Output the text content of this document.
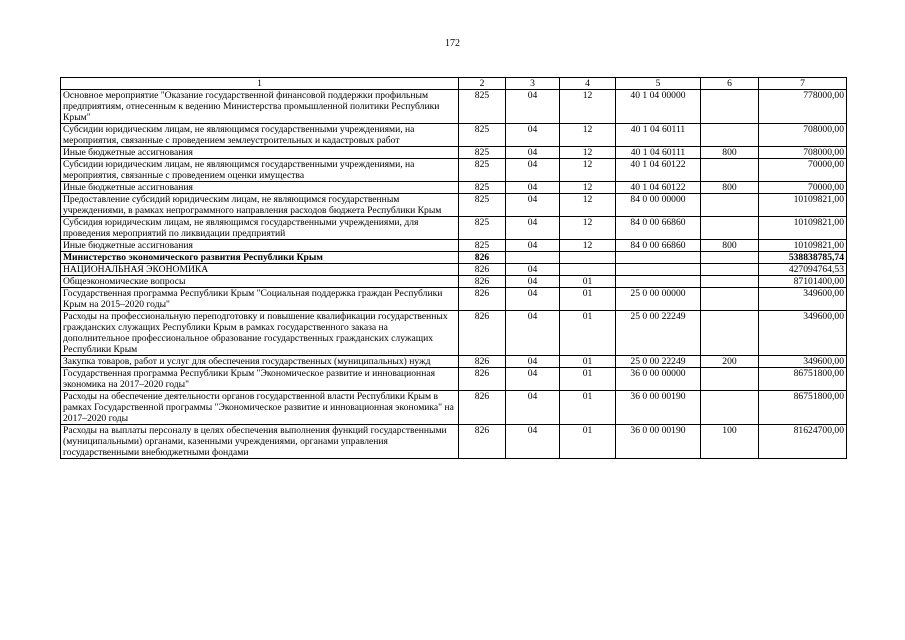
172
1	2	3	4	5	6	7
Основное мероприятие "Оказание государственной финансовой поддержки профильным предприятиям, отнесенным к ведению Министерства промышленной политики Республики Крым"	825	04	12	40 1 04 00000		778000,00
Субсидии юридическим лицам, не являющимся государственными учреждениями, на мероприятия, связанные с проведением землеустроительных и кадастровых работ	825	04	12	40 1 04 60111		708000,00
Иные бюджетные ассигнования	825	04	12	40 1 04 60111	800	708000,00
Субсидии юридическим лицам, не являющимся государственными учреждениями, на мероприятия, связанные с проведением оценки имущества	825	04	12	40 1 04 60122		70000,00
Иные бюджетные ассигнования	825	04	12	40 1 04 60122	800	70000,00
Предоставление субсидий юридическим лицам, не являющимся государственным учреждениями, в рамках непрограммного направления расходов бюджета Республики Крым	825	04	12	84 0 00 00000		10109821,00
Субсидия юридическим лицам, не являющимся государственными учреждениями, для проведения мероприятий по ликвидации предприятий	825	04	12	84 0 00 66860		10109821,00
Иные бюджетные ассигнования	825	04	12	84 0 00 66860	800	10109821,00
Министерство экономического развития Республики Крым	826					538838785,74
НАЦИОНАЛЬНАЯ ЭКОНОМИКА	826	04				427094764,53
Общеэкономические вопросы	826	04	01			87101400,00
Государственная программа Республики Крым "Социальная поддержка граждан Республики Крым на 2015–2020 годы"	826	04	01	25 0 00 00000		349600,00
Расходы на профессиональную переподготовку и повышение квалификации государственных гражданских служащих Республики Крым в рамках государственного заказа на дополнительное профессиональное образование государственных гражданских служащих Республики Крым	826	04	01	25 0 00 22249		349600,00
Закупка товаров, работ и услуг для обеспечения государственных (муниципальных) нужд	826	04	01	25 0 00 22249	200	349600,00
Государственная программа Республики Крым "Экономическое развитие и инновационная экономика на 2017–2020 годы"	826	04	01	36 0 00 00000		86751800,00
Расходы на обеспечение деятельности органов государственной власти Республики Крым в рамках Государственной программы "Экономическое развитие и инновационная экономика" на 2017–2020 годы	826	04	01	36 0 00 00190		86751800,00
Расходы на выплаты персоналу в целях обеспечения выполнения функций государственными (муниципальными) органами, казенными учреждениями, органами управления государственными внебюджетными фондами	826	04	01	36 0 00 00190	100	81624700,00
